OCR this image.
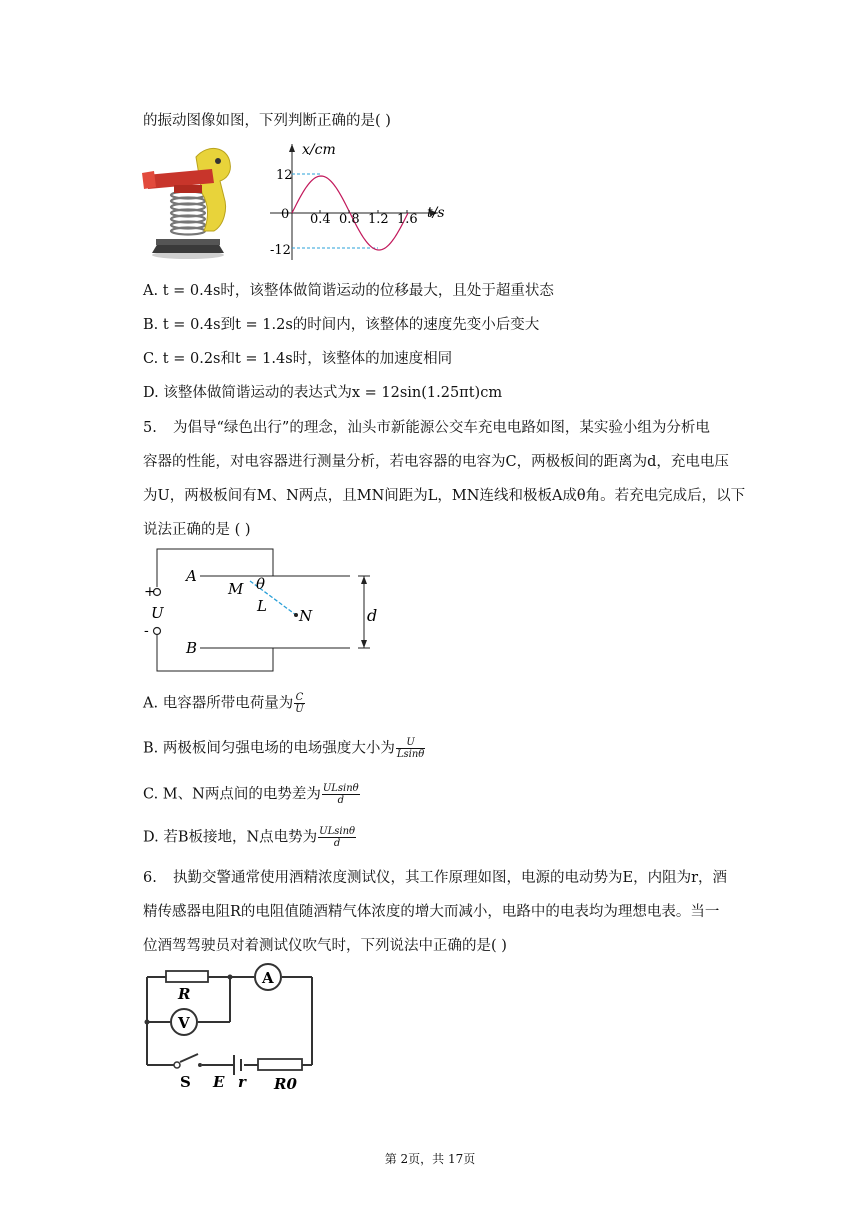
的振动图像如图，下列判断正确的是( )
x/cm
t/s
12
0
-12
0.4 0.8 1.2 1.6
A. t = 0.4s时，该整体做简谐运动的位移最大，且处于超重状态
B. t = 0.4s到t = 1.2s的时间内，该整体的速度先变小后变大
C. t = 0.2s和t = 1.4s时，该整体的加速度相同
D. 该整体做简谐运动的表达式为x = 12sin(1.25πt)cm
5. 为倡导“绿色出行”的理念，汕头市新能源公交车充电电路如图，某实验小组为分析电
容器的性能，对电容器进行测量分析，若电容器的电容为C，两极板间的距离为d，充电电压
为U，两极板间有M、N两点，且MN间距为L，MN连线和极板A成θ角。若充电完成后，以下
说法正确的是 ( )
+
U
-
A
B
M θ
L
N	d
A. 电容器所带电荷量为 $\frac{C}{U}$
B. 两极板间匀强电场的电场强度大小为 $\frac{U}{Lsin\theta}$
C. M、N两点间的电势差为 $\frac{ULsin\theta}{d}$
D. 若B板接地，N点电势为 $\frac{ULsin\theta}{d}$
6. 执勤交警通常使用酒精浓度测试仪，其工作原理如图，电源的电动势为E，内阻为r，酒
精传感器电阻R的电阻值随酒精气体浓度的增大而减小，电路中的电表均为理想电表。当一
位酒驾驾驶员对着测试仪吹气时，下列说法中正确的是( )
A
V
R
S E r R0
第 2页，共 17页
